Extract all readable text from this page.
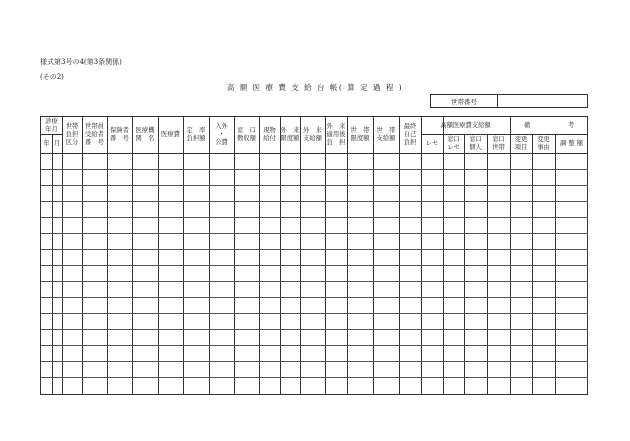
様式第3号の4(第3条関係)
(その2)
高 額 医 療 費 支 給 台 帳( 算 定 過 程 )
世帯番号
診療
年月
年 月
世帯
負担
区分
世帯員
受給者
番　号
保険者
番　号
医療機
関　名
医療費
定　率
負担額
入外
・
公費
窓　口
徴収額
現物
給付
外　来
限度額
外　来
支給額
外　来
適用後
負　担
世　帯
限度額
世　帯
支給額
最終
自己
負担
高額医療費支給額
レセ
窓口
レセ
窓口
個人
窓口
世帯
備　　　　　　考
変更
項目
変更
事由
調 整 額
